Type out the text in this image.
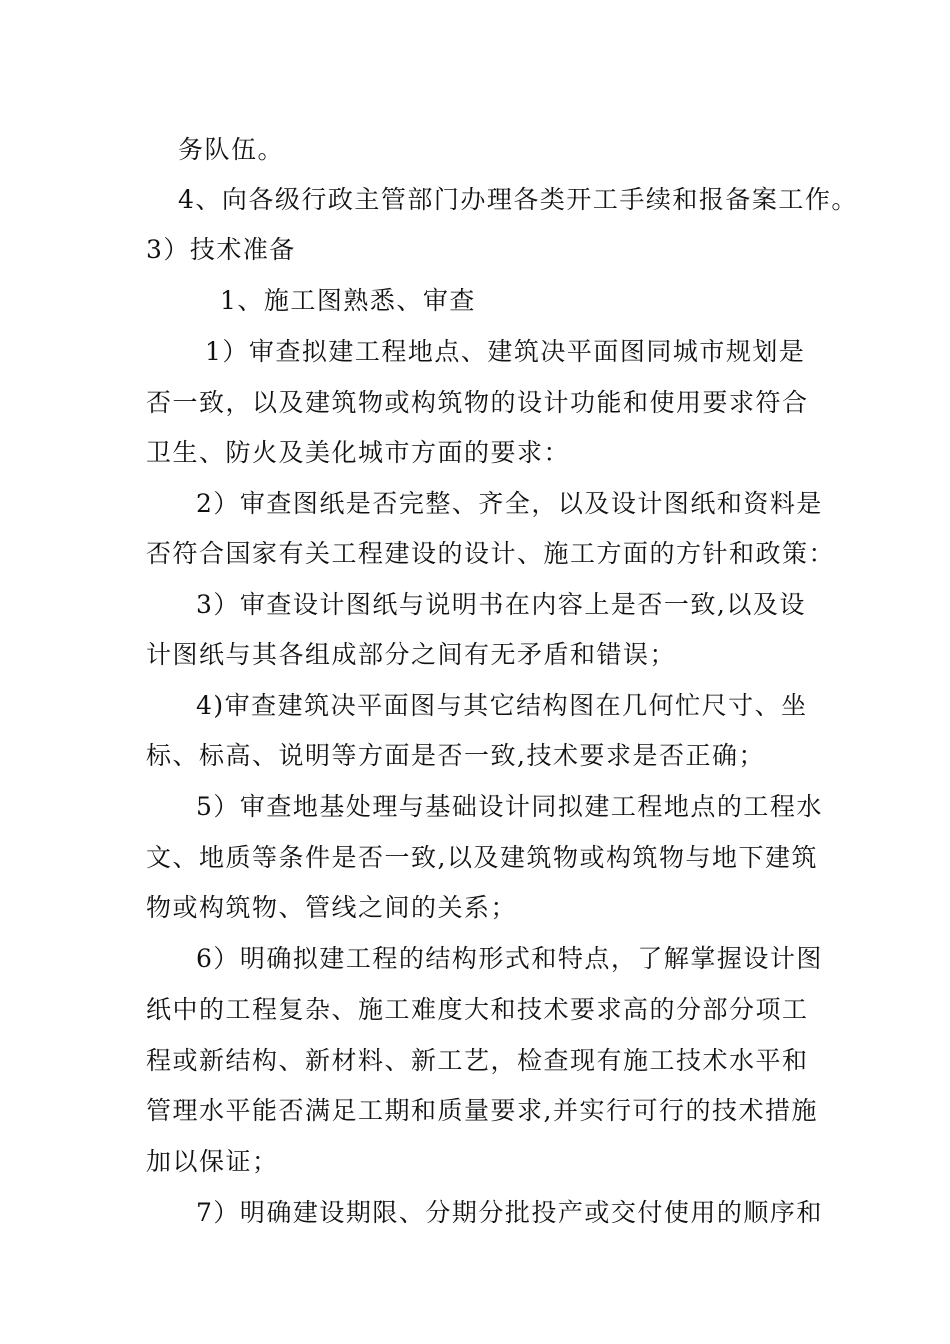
务队伍。
4、向各级行政主管部门办理各类开工手续和报备案工作。
3）技术准备
1、施工图熟悉、审查
1）审查拟建工程地点、建筑决平面图同城市规划是
否一致，以及建筑物或构筑物的设计功能和使用要求符合
卫生、防火及美化城市方面的要求：
2）审查图纸是否完整、齐全，以及设计图纸和资料是
否符合国家有关工程建设的设计、施工方面的方针和政策：
3）审查设计图纸与说明书在内容上是否一致,以及设
计图纸与其各组成部分之间有无矛盾和错误；
4)审查建筑决平面图与其它结构图在几何忙尺寸、坐
标、标高、说明等方面是否一致,技术要求是否正确；
5）审查地基处理与基础设计同拟建工程地点的工程水
文、地质等条件是否一致,以及建筑物或构筑物与地下建筑
物或构筑物、管线之间的关系；
6）明确拟建工程的结构形式和特点，了解掌握设计图
纸中的工程复杂、施工难度大和技术要求高的分部分项工
程或新结构、新材料、新工艺，检查现有施工技术水平和
管理水平能否满足工期和质量要求,并实行可行的技术措施
加以保证；
7）明确建设期限、分期分批投产或交付使用的顺序和
